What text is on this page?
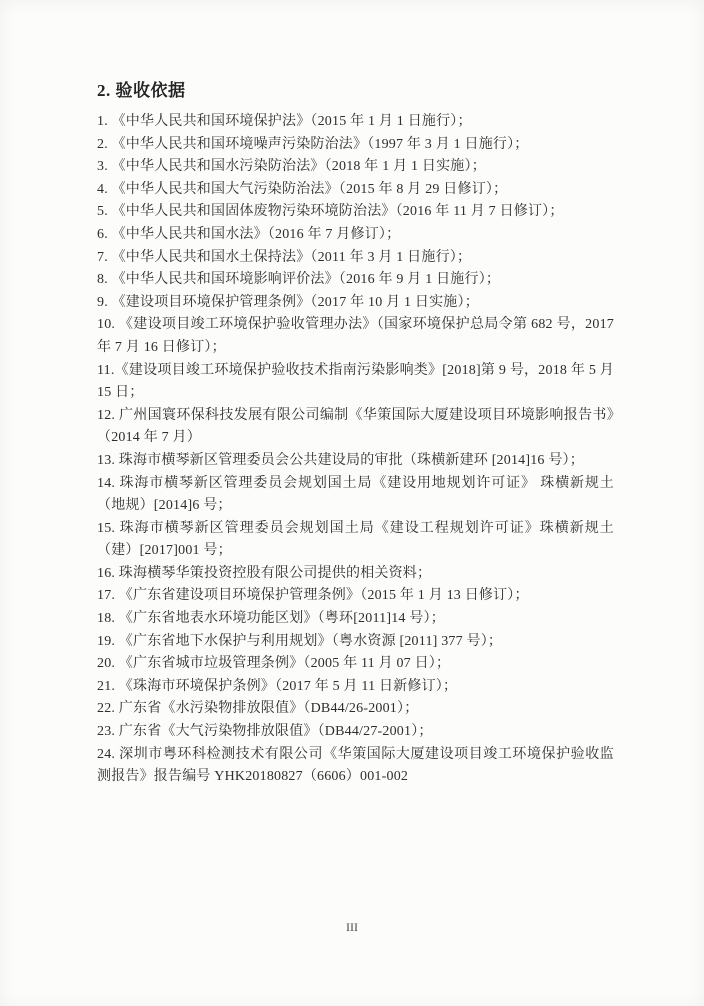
2. 验收依据

1. 《中华人民共和国环境保护法》（2015 年 1 月 1 日施行）；

2. 《中华人民共和国环境噪声污染防治法》（1997 年 3 月 1 日施行）；

3. 《中华人民共和国水污染防治法》（2018 年 1 月 1 日实施）；

4. 《中华人民共和国大气污染防治法》（2015 年 8 月 29 日修订）；

5. 《中华人民共和国固体废物污染环境防治法》（2016 年 11 月 7 日修订）；

6. 《中华人民共和国水法》（2016 年 7 月修订）；

7. 《中华人民共和国水土保持法》（2011 年 3 月 1 日施行）；

8. 《中华人民共和国环境影响评价法》（2016 年 9 月 1 日施行）；

9. 《建设项目环境保护管理条例》（2017 年 10 月 1 日实施）；

10. 《建设项目竣工环境保护验收管理办法》（国家环境保护总局令第 682 号，2017 年 7 月 16 日修订）；

11.《建设项目竣工环境保护验收技术指南污染影响类》[2018]第 9 号，2018 年 5 月 15 日；

12. 广州国寰环保科技发展有限公司编制《华策国际大厦建设项目环境影响报告书》（2014 年 7 月）

13. 珠海市横琴新区管理委员会公共建设局的审批（珠横新建环 [2014]16 号）；

14. 珠海市横琴新区管理委员会规划国土局《建设用地规划许可证》 珠横新规土（地规）[2014]6 号；

15. 珠海市横琴新区管理委员会规划国土局《建设工程规划许可证》珠横新规土（建）[2017]001 号；

16. 珠海横琴华策投资控股有限公司提供的相关资料；

17. 《广东省建设项目环境保护管理条例》（2015 年 1 月 13 日修订）；

18. 《广东省地表水环境功能区划》（粤环[2011]14 号）；

19. 《广东省地下水保护与利用规划》（粤水资源 [2011] 377 号）；

20. 《广东省城市垃圾管理条例》（2005 年 11 月 07 日）；

21. 《珠海市环境保护条例》（2017 年 5 月 11 日新修订）；

22. 广东省《水污染物排放限值》（DB44/26-2001）；

23. 广东省《大气污染物排放限值》（DB44/27-2001）；

24. 深圳市粤环科检测技术有限公司《华策国际大厦建设项目竣工环境保护验收监测报告》报告编号 YHK20180827（6606）001-002

III
